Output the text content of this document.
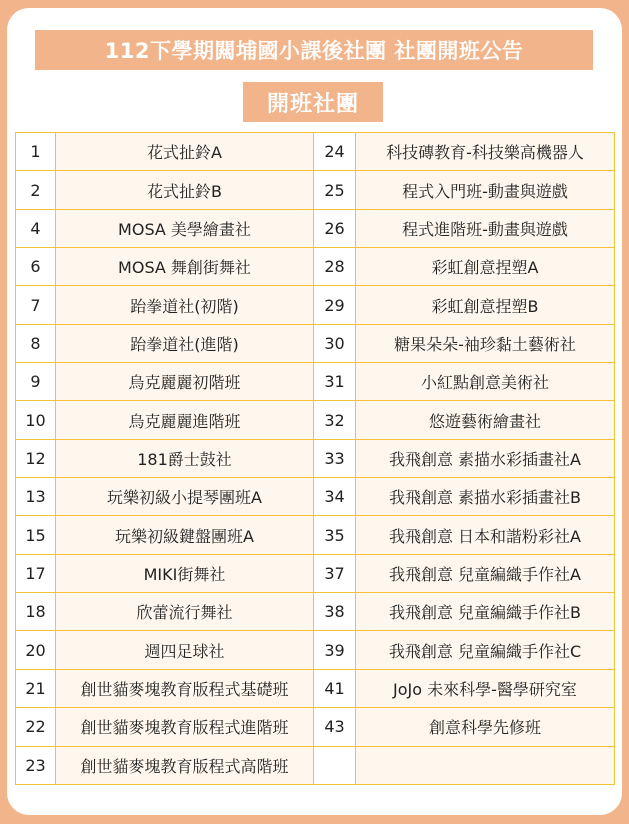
112下學期闗埔國小課後社團 社團開班公告
開班社團
1	花式扯鈴A	24	科技磚教育-科技樂高機器人
2	花式扯鈴B	25	程式入門班-動畫與遊戲
4	MOSA 美學繪畫社	26	程式進階班-動畫與遊戲
6	MOSA 舞創街舞社	28	彩虹創意捏塑A
7	跆拳道社(初階)	29	彩虹創意捏塑B
8	跆拳道社(進階)	30	糖果朵朵-袖珍黏土藝術社
9	烏克麗麗初階班	31	小紅點創意美術社
10	烏克麗麗進階班	32	悠遊藝術繪畫社
12	181爵士鼓社	33	我飛創意 素描水彩插畫社A
13	玩樂初級小提琴團班A	34	我飛創意 素描水彩插畫社B
15	玩樂初級鍵盤團班A	35	我飛創意 日本和諧粉彩社A
17	MIKI街舞社	37	我飛創意 兒童編織手作社A
18	欣蕾流行舞社	38	我飛創意 兒童編織手作社B
20	週四足球社	39	我飛創意 兒童編織手作社C
21	創世貓麥塊教育版程式基礎班	41	JoJo 未來科學-醫學研究室
22	創世貓麥塊教育版程式進階班	43	創意科學先修班
23	創世貓麥塊教育版程式高階班		
